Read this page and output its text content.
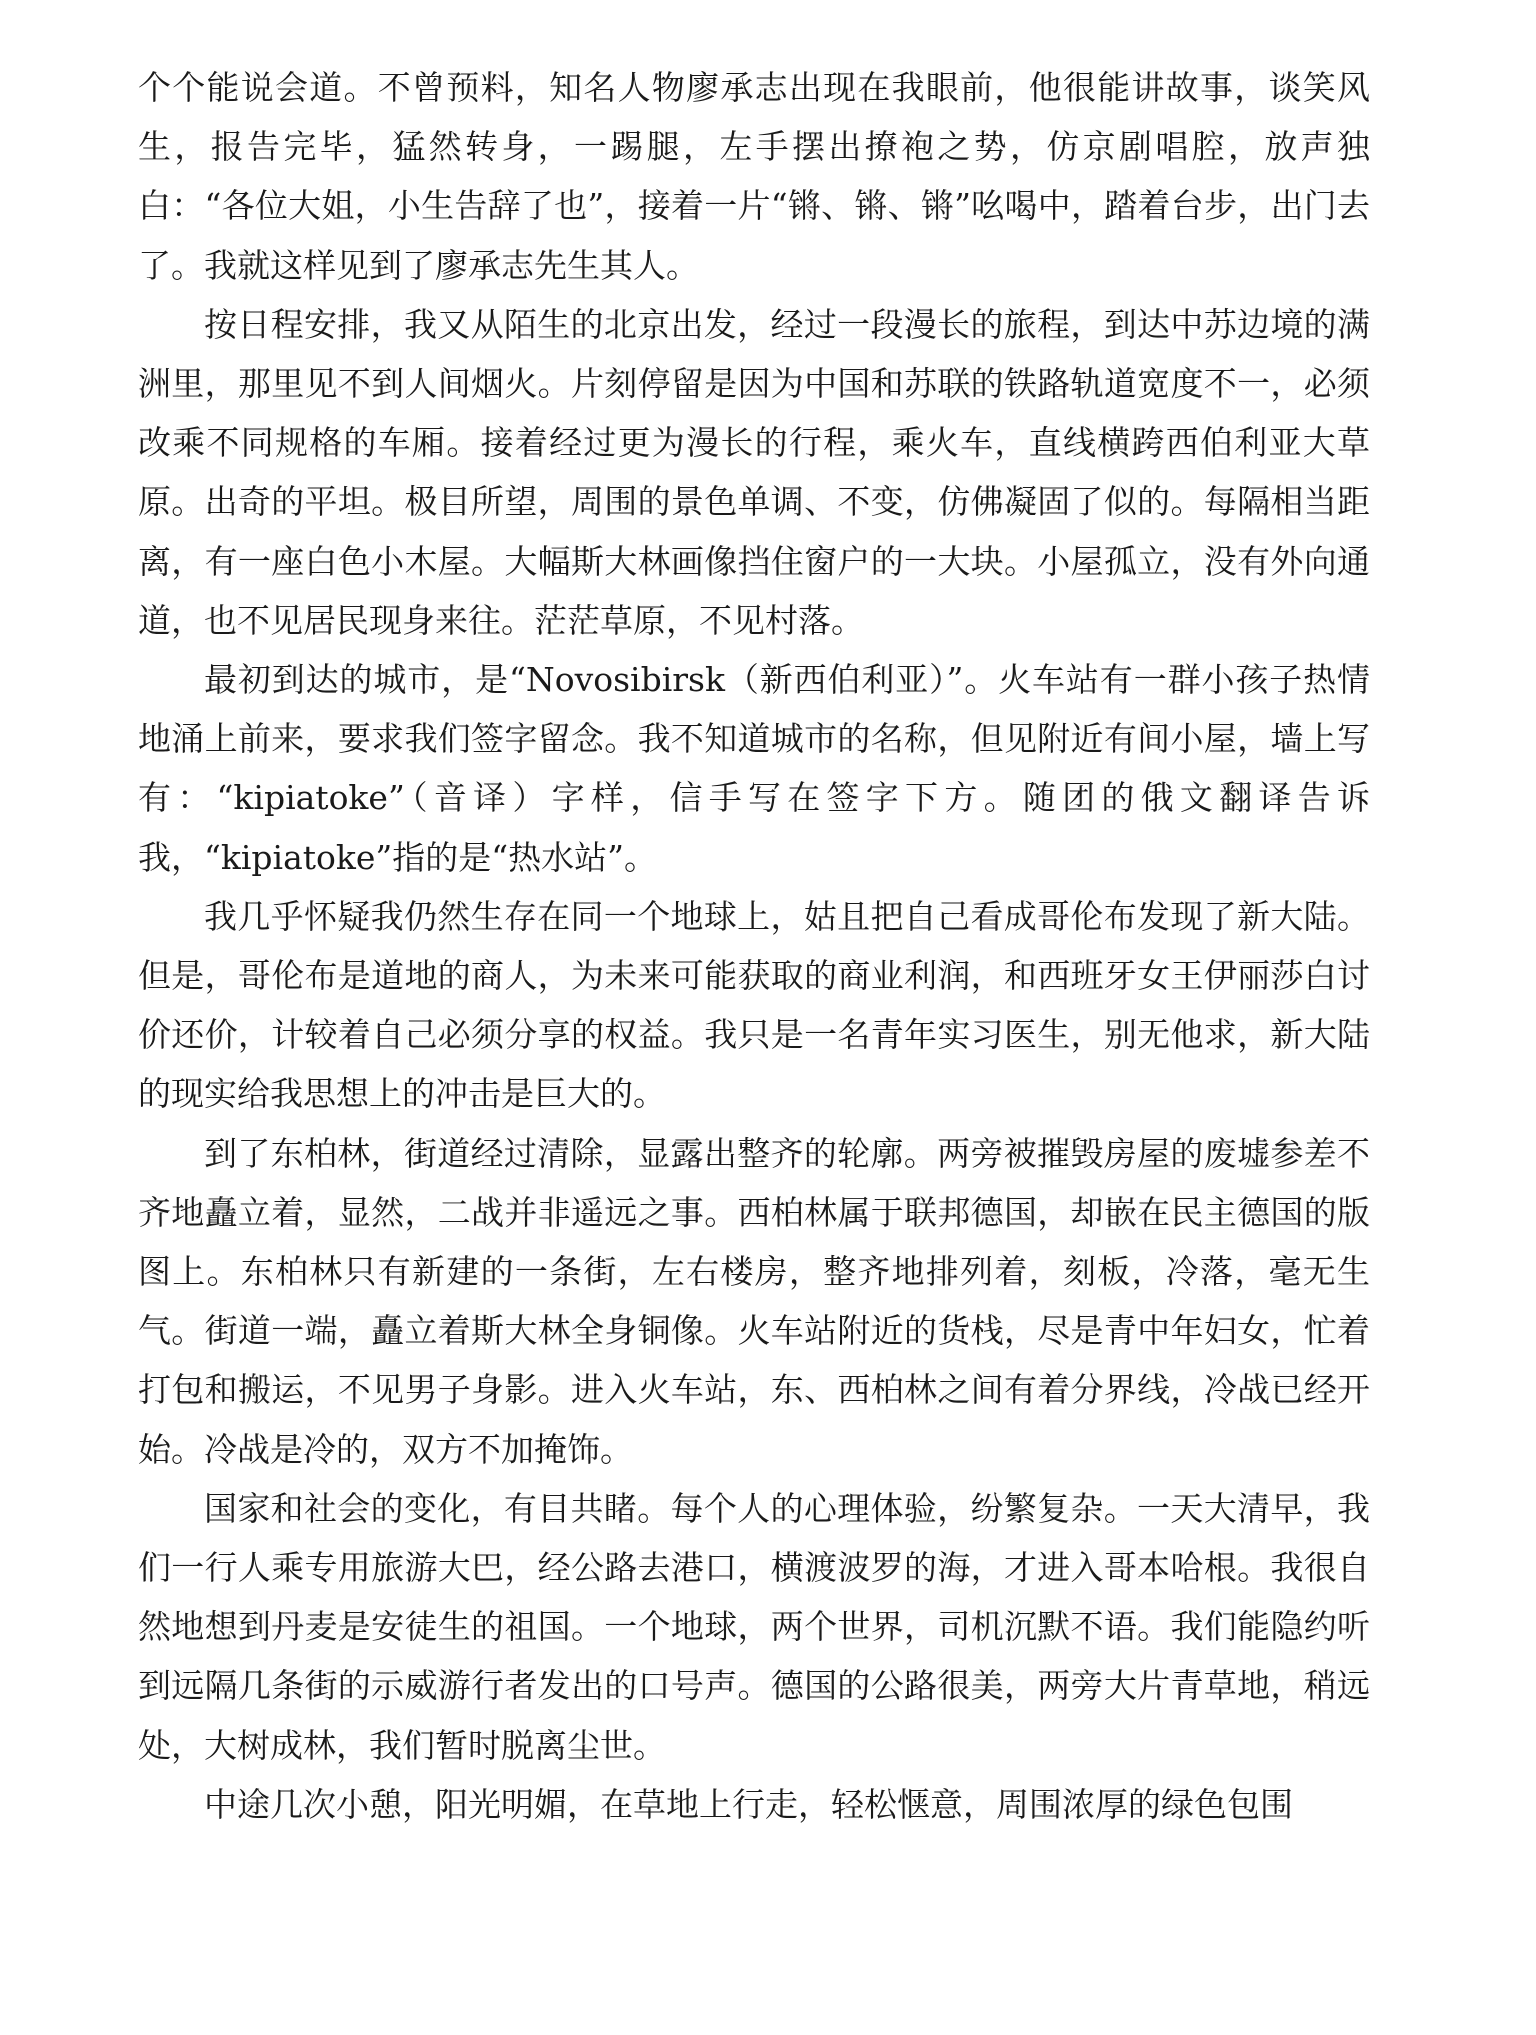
个个能说会道。不曾预料，知名人物廖承志出现在我眼前，他很能讲故事，谈笑风生，报告完毕，猛然转身，一踢腿，左手摆出撩袍之势，仿京剧唱腔，放声独白：“各位大姐，小生告辞了也”，接着一片“锵、锵、锵”吆喝中，踏着台步，出门去了。我就这样见到了廖承志先生其人。

按日程安排，我又从陌生的北京出发，经过一段漫长的旅程，到达中苏边境的满洲里，那里见不到人间烟火。片刻停留是因为中国和苏联的铁路轨道宽度不一，必须改乘不同规格的车厢。接着经过更为漫长的行程，乘火车，直线横跨西伯利亚大草原。出奇的平坦。极目所望，周围的景色单调、不变，仿佛凝固了似的。每隔相当距离，有一座白色小木屋。大幅斯大林画像挡住窗户的一大块。小屋孤立，没有外向通道，也不见居民现身来往。茫茫草原，不见村落。

最初到达的城市，是“Novosibirsk（新西伯利亚）”。火车站有一群小孩子热情地涌上前来，要求我们签字留念。我不知道城市的名称，但见附近有间小屋，墙上写有：“kipiatoke”（音译）字样，信手写在签字下方。随团的俄文翻译告诉我，“kipiatoke”指的是“热水站”。

我几乎怀疑我仍然生存在同一个地球上，姑且把自己看成哥伦布发现了新大陆。但是，哥伦布是道地的商人，为未来可能获取的商业利润，和西班牙女王伊丽莎白讨价还价，计较着自己必须分享的权益。我只是一名青年实习医生，别无他求，新大陆的现实给我思想上的冲击是巨大的。

到了东柏林，街道经过清除，显露出整齐的轮廓。两旁被摧毁房屋的废墟参差不齐地矗立着，显然，二战并非遥远之事。西柏林属于联邦德国，却嵌在民主德国的版图上。东柏林只有新建的一条街，左右楼房，整齐地排列着，刻板，冷落，毫无生气。街道一端，矗立着斯大林全身铜像。火车站附近的货栈，尽是青中年妇女，忙着打包和搬运，不见男子身影。进入火车站，东、西柏林之间有着分界线，冷战已经开始。冷战是冷的，双方不加掩饰。

国家和社会的变化，有目共睹。每个人的心理体验，纷繁复杂。一天大清早，我们一行人乘专用旅游大巴，经公路去港口，横渡波罗的海，才进入哥本哈根。我很自然地想到丹麦是安徒生的祖国。一个地球，两个世界，司机沉默不语。我们能隐约听到远隔几条街的示威游行者发出的口号声。德国的公路很美，两旁大片青草地，稍远处，大树成林，我们暂时脱离尘世。

中途几次小憩，阳光明媚，在草地上行走，轻松惬意，周围浓厚的绿色包围
